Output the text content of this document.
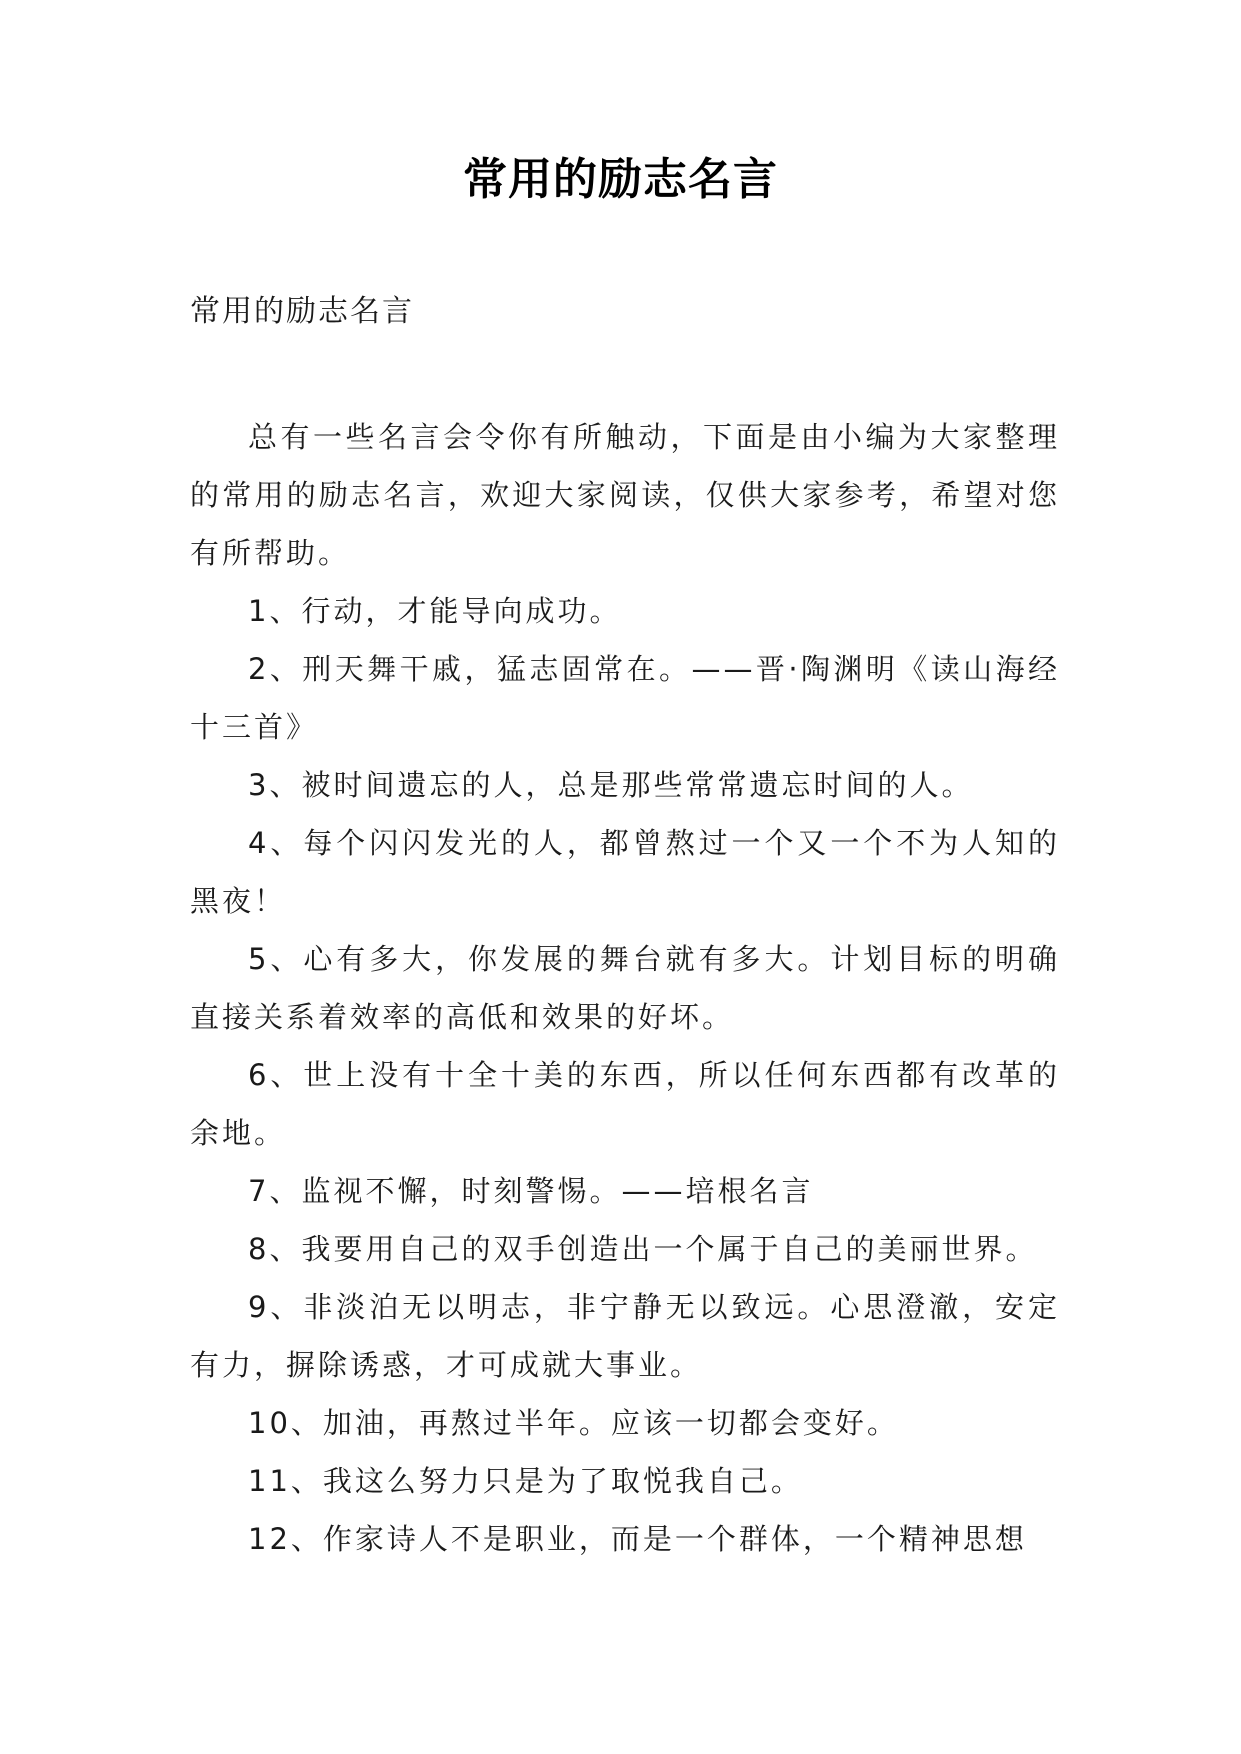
常用的励志名言
常用的励志名言

总有一些名言会令你有所触动，下面是由小编为大家整理的常用的励志名言，欢迎大家阅读，仅供大家参考，希望对您有所帮助。

1、行动，才能导向成功。

2、刑天舞干戚，猛志固常在。——晋·陶渊明《读山海经十三首》

3、被时间遗忘的人，总是那些常常遗忘时间的人。

4、每个闪闪发光的人，都曾熬过一个又一个不为人知的黑夜！

5、心有多大，你发展的舞台就有多大。计划目标的明确直接关系着效率的高低和效果的好坏。

6、世上没有十全十美的东西，所以任何东西都有改革的余地。

7、监视不懈，时刻警惕。——培根名言

8、我要用自己的双手创造出一个属于自己的美丽世界。

9、非淡泊无以明志，非宁静无以致远。心思澄澈，安定有力，摒除诱惑，才可成就大事业。

10、加油，再熬过半年。应该一切都会变好。

11、我这么努力只是为了取悦我自己。

12、作家诗人不是职业，而是一个群体，一个精神思想
